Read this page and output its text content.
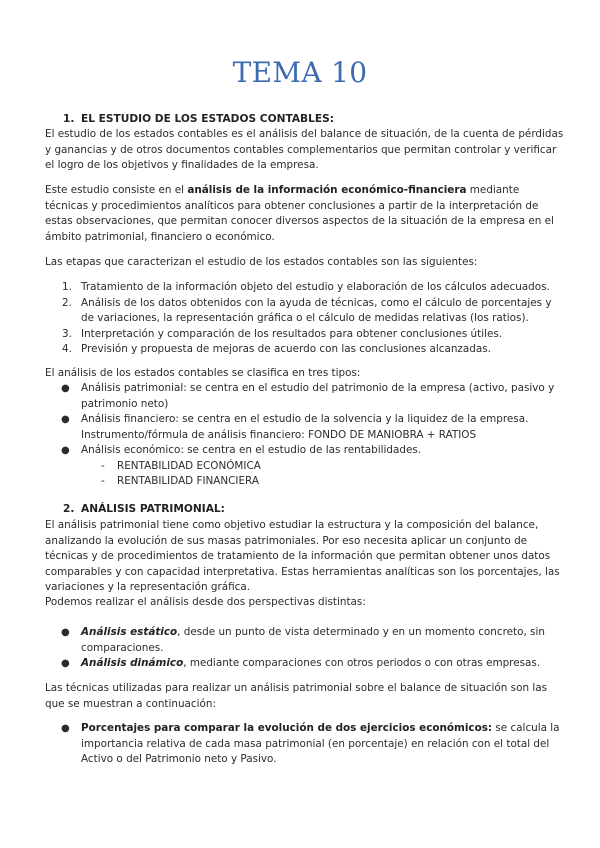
TEMA 10
1. EL ESTUDIO DE LOS ESTADOS CONTABLES:

El estudio de los estados contables es el análisis del balance de situación, de la cuenta de pérdidas y ganancias y de otros documentos contables complementarios que permitan controlar y verificar el logro de los objetivos y finalidades de la empresa.

Este estudio consiste en el análisis de la información económico-financiera mediante técnicas y procedimientos analíticos para obtener conclusiones a partir de la interpretación de estas observaciones, que permitan conocer diversos aspectos de la situación de la empresa en el ámbito patrimonial, financiero o económico.

Las etapas que caracterizan el estudio de los estados contables son las siguientes:

1. Tratamiento de la información objeto del estudio y elaboración de los cálculos adecuados.
2. Análisis de los datos obtenidos con la ayuda de técnicas, como el cálculo de porcentajes y de variaciones, la representación gráfica o el cálculo de medidas relativas (los ratios).
3. Interpretación y comparación de los resultados para obtener conclusiones útiles.
4. Previsión y propuesta de mejoras de acuerdo con las conclusiones alcanzadas.

El análisis de los estados contables se clasifica en tres tipos:

● Análisis patrimonial: se centra en el estudio del patrimonio de la empresa (activo, pasivo y patrimonio neto)
● Análisis financiero: se centra en el estudio de la solvencia y la liquidez de la empresa. Instrumento/fórmula de análisis financiero: FONDO DE MANIOBRA + RATIOS
● Análisis económico: se centra en el estudio de las rentabilidades.
- RENTABILIDAD ECONÓMICA
- RENTABILIDAD FINANCIERA
2. ANÁLISIS PATRIMONIAL:

El análisis patrimonial tiene como objetivo estudiar la estructura y la composición del balance, analizando la evolución de sus masas patrimoniales. Por eso necesita aplicar un conjunto de técnicas y de procedimientos de tratamiento de la información que permitan obtener unos datos comparables y con capacidad interpretativa. Estas herramientas analíticas son los porcentajes, las variaciones y la representación gráfica.

Podemos realizar el análisis desde dos perspectivas distintas:

● Análisis estático, desde un punto de vista determinado y en un momento concreto, sin comparaciones.
● Análisis dinámico, mediante comparaciones con otros periodos o con otras empresas.

Las técnicas utilizadas para realizar un análisis patrimonial sobre el balance de situación son las que se muestran a continuación:

● Porcentajes para comparar la evolución de dos ejercicios económicos: se calcula la importancia relativa de cada masa patrimonial (en porcentaje) en relación con el total del Activo o del Patrimonio neto y Pasivo.
